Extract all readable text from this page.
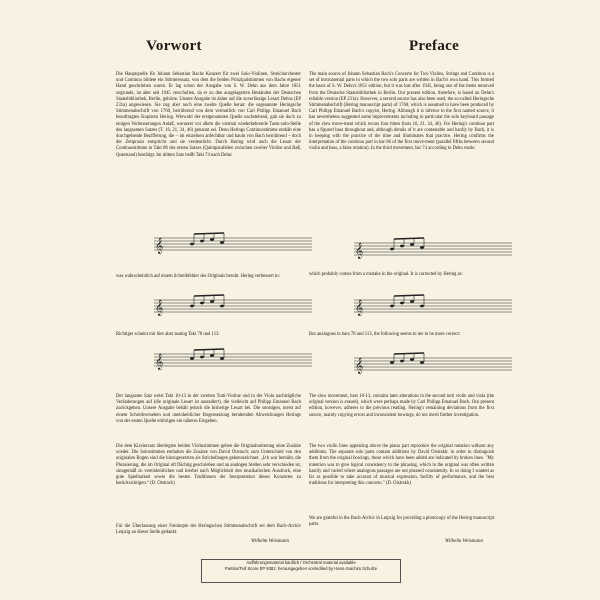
Vorwort	Preface

Die Hauptquelle für Johann Sebastian Bachs Konzert für zwei Solo-Violinen, Streichorchester und Continuo bildete ein Stimmensatz, von dem die beiden Prinzipalstimmen von Bachs eigener Hand geschrieben waren. Er lag schon der Ausgabe von S. W. Dehn aus dem Jahre 1851 zugrunde, ist aber seit 1945 verschollen, da er zu den ausgelagerten Beständen der Deutschen Staatsbibliothek, Berlin, gehörte. Unsere Ausgabe ist daher auf die zuverlässige Lesart Dehns (EP 231a) angewiesen. Sie zog aber noch eine zweite Quelle heran: die sogenannte Heringsche Stimmenabschrift von 1760, herrührend von dem vermutlich von Carl Philipp Emanuel Bach beauftragten Kopisten Hering. Wiewohl der erstgenannten Quelle nachstehend, gab sie doch zu einigen Verbesserungen Anlaß, worunter vor allem die viermal wiederkehrende Tasto-solo-Stelle des langsamen Satzes (T. 16, 21, 34, 46) genannt sei. Denn Herings Continuostimme enthält eine durchgehende Bezifferung, die – im einzelnen anfechtbar und kaum von Bach herrührend – doch der Zeitpraxis entspricht und sie verdeutlicht. Durch Hering wird auch die Lesart der Continuostimme in Takt 86 des ersten Satzes (Quintparallelen zwischen zweiter Violine und Baß, Querstand) bestätigt. Im dritten Satz heißt Takt 74 nach Dehn:

𝄞

was wahrscheinlich auf einem Schreibfehler des Originals beruht. Hering verbessert in:

𝄞

Richtiger scheint mir hier aber analog Takt 78 und 113:

𝄞

Der langsame Satz weist Takt 10-13 in der zweiten Tutti-Violine und in der Viola nachträgliche Veränderungen auf (die originale Lesart ist ausradiert), die vielleicht auf Philipp Emanuel Bach zurückgehen. Unsere Ausgabe behält jedoch die bisherige Lesart bei. Die sonstigen, meist auf einem Schreibversehen und uneinheitlicher Bogensetzung beruhenden Abweichungen Herings von der ersten Quelle erübrigen ein näheres Eingehen.

Die dem Klaviersatz überlegten beiden Violinstimmen geben die Originalnotierung ohne Zusätze wieder. Die Solostimmen enthalten die Zusätze von David Oistrach; zum Unterschied von den originalen Bogen sind die hinzugesetzten als Strichelbogen gekennzeichnet. „Ich war bemüht, die Phrasierung, die im Original oft flüchtig geschrieben und an analogen Stellen sehr verschieden ist, sinngemäß zu vereinheitlichen und hierbei nach Möglichkeit den musikalischen Ausdruck, eine gute Spielbarkeit sowie die besten Traditionen der Interpretation dieses Konzertes zu berücksichtigen.“ (D. Oistrach)

Für die Überlassung einer Fotokopie der Heringschen Stimmenabschrift sei dem Bach-Archiv Leipzig an dieser Stelle gedankt.

Wilhelm Weismann

The main source of Johann Sebastian Bach's Concerto for Two Violins, Strings and Continuo is a set of instrumental parts in which the two solo parts are written in Bach's own hand. This formed the basis of S. W. Dehn's 1851 edition, but it was lost after 1945, being one of the items removed from the Deutsche Staatsbibliothek in Berlin. Our present edition, therefore, is based on Dehn's reliable version (EP 231a). However, a second source has also been used, the so-called Heringsche Stimmenabschrift (Hering manuscript parts) of 1760, which is assumed to have been produced by Carl Philipp Emanuel Bach's copyist, Hering. Although it is inferior to the first named source, it has nevertheless suggested some improvements including in particular the solo keyboard passage of the slow move-ment which recurs four times (bars 16, 21, 34, 46). For Hering's continuo part has a figured bass throughout and, although details of it are contestable and hardly by Bach, it is in keeping with the practice of the time and illuminates that practice. Hering confirms the interpretation of the continuo part in bar 86 of the first move-ment (parallel fifths between second violin and bass, a false relation). In the third movement, bar 74 according to Dehn reads:

𝄞

which probably comes from a mistake in the original. It is corrected by Hering as:

𝄞

But analogous to bars 78 and 113, the following seems to me to be more correct:

𝄞

The slow movement, bars 10-13, contains later alterations in the second tutti violin and viola (the original version is erased), which were perhaps made by Carl Philipp Emanuel Bach. Our present edition, however, adheres to the previous reading. Hering's remaining deviations from the first source, mainly copying errors and inconsistent bowings, do not merit further investigation.

The two violin lines appearing above the piano part reproduce the original notation without any additions. The separate solo parts contain additions by David Oistrakh: in order to distinguish them from the original bowings, those which have been added are indicated by broken lines. "My intention was to give logical consistency to the phrasing, which in the original was often written hastily and varied where analogous passages are not phrased consistently. In so doing I wanted as far as possible to take account of musical expression, facility of performance, and the best traditions for interpreting this concerto." (D. Oistrakh)

We are grateful to the Bach-Archiv in Leipzig for providing a photocopy of the Hering manuscript parts.

Wilhelm Weismann
Aufführungsmaterial käuflich / Orchestral material available
Partitur/Full Score EP 9382, herausgegeben von/edited by Hans-Joachim Schulze
